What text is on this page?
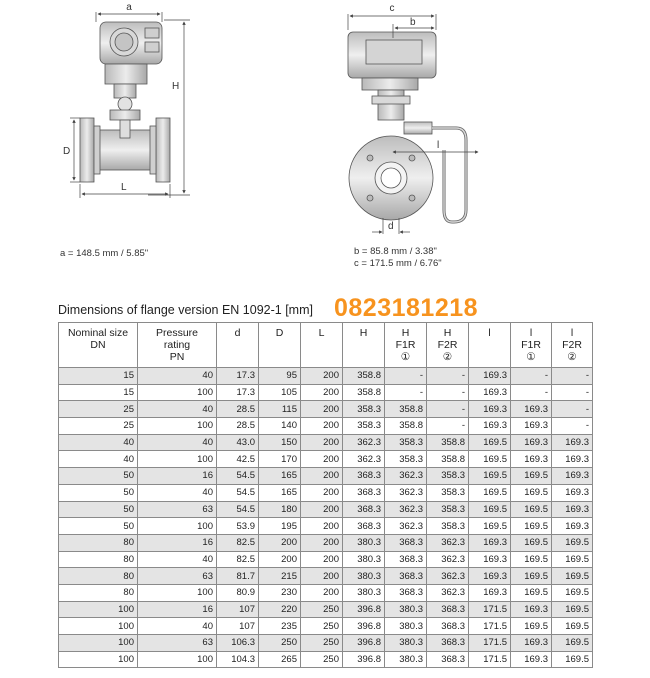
a
H
D
L
c
b
l
d
a = 148.5 mm / 5.85"	b = 85.8 mm / 3.38"
c = 171.5 mm / 6.76"
Dimensions of flange version EN 1092-1 [mm] 0823181218
Nominal size
DN	Pressure
rating
PN	d	D	L	H	H
F1R
①	H
F2R
②	l	l
F1R
①	l
F2R
②

15	40	17.3	95	200	358.8	-	-	169.3	-	-
15	100	17.3	105	200	358.8	-	-	169.3	-	-
25	40	28.5	115	200	358.3	358.8	-	169.3	169.3	-
25	100	28.5	140	200	358.3	358.8	-	169.3	169.3	-
40	40	43.0	150	200	362.3	358.3	358.8	169.5	169.3	169.3
40	100	42.5	170	200	362.3	358.3	358.8	169.5	169.3	169.3
50	16	54.5	165	200	368.3	362.3	358.3	169.5	169.5	169.3
50	40	54.5	165	200	368.3	362.3	358.3	169.5	169.5	169.3
50	63	54.5	180	200	368.3	362.3	358.3	169.5	169.5	169.3
50	100	53.9	195	200	368.3	362.3	358.3	169.5	169.5	169.3
80	16	82.5	200	200	380.3	368.3	362.3	169.3	169.5	169.5
80	40	82.5	200	200	380.3	368.3	362.3	169.3	169.5	169.5
80	63	81.7	215	200	380.3	368.3	362.3	169.3	169.5	169.5
80	100	80.9	230	200	380.3	368.3	362.3	169.3	169.5	169.5
100	16	107	220	250	396.8	380.3	368.3	171.5	169.3	169.5
100	40	107	235	250	396.8	380.3	368.3	171.5	169.5	169.5
100	63	106.3	250	250	396.8	380.3	368.3	171.5	169.3	169.5
100	100	104.3	265	250	396.8	380.3	368.3	171.5	169.3	169.5
